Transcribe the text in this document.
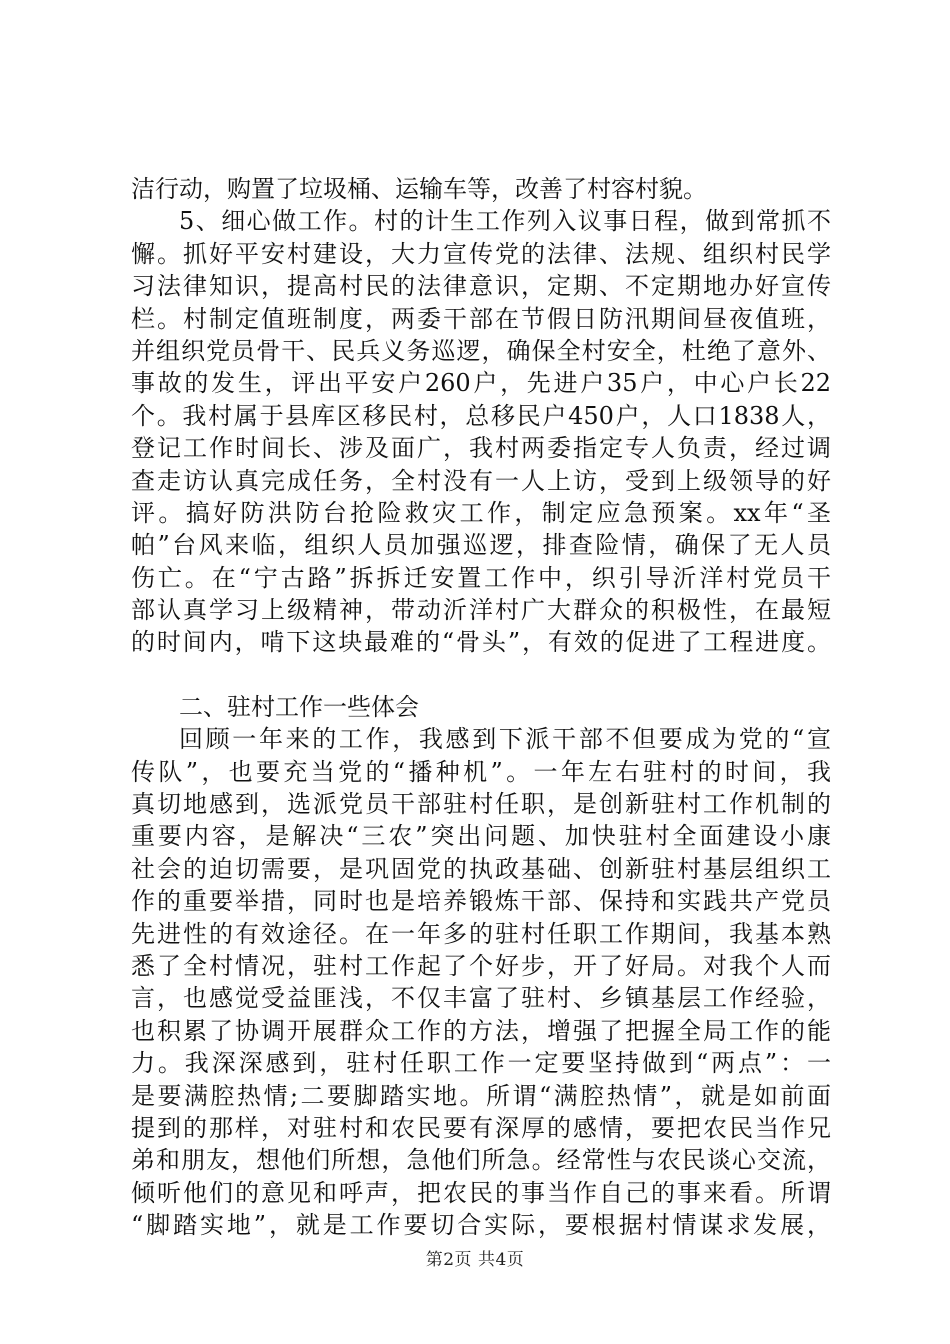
洁行动，购置了垃圾桶、运输车等，改善了村容村貌。
5、细心做工作。村的计生工作列入议事日程，做到常抓不
懈。抓好平安村建设，大力宣传党的法律、法规、组织村民学
习法律知识，提高村民的法律意识，定期、不定期地办好宣传
栏。村制定值班制度，两委干部在节假日防汛期间昼夜值班，
并组织党员骨干、民兵义务巡逻，确保全村安全，杜绝了意外、
事故的发生，评出平安户260户，先进户35户，中心户长22
个。我村属于县库区移民村，总移民户450户，人口1838人，
登记工作时间长、涉及面广，我村两委指定专人负责，经过调
查走访认真完成任务，全村没有一人上访，受到上级领导的好
评。搞好防洪防台抢险救灾工作，制定应急预案。xx年“圣
帕”台风来临，组织人员加强巡逻，排查险情，确保了无人员
伤亡。在“宁古路”拆拆迁安置工作中，织引导沂洋村党员干
部认真学习上级精神，带动沂洋村广大群众的积极性，在最短
的时间内，啃下这块最难的“骨头”，有效的促进了工程进度。
二、驻村工作一些体会
回顾一年来的工作，我感到下派干部不但要成为党的“宣
传队”，也要充当党的“播种机”。一年左右驻村的时间，我
真切地感到，选派党员干部驻村任职，是创新驻村工作机制的
重要内容，是解决“三农”突出问题、加快驻村全面建设小康
社会的迫切需要，是巩固党的执政基础、创新驻村基层组织工
作的重要举措，同时也是培养锻炼干部、保持和实践共产党员
先进性的有效途径。在一年多的驻村任职工作期间，我基本熟
悉了全村情况，驻村工作起了个好步，开了好局。对我个人而
言，也感觉受益匪浅，不仅丰富了驻村、乡镇基层工作经验，
也积累了协调开展群众工作的方法，增强了把握全局工作的能
力。我深深感到，驻村任职工作一定要坚持做到“两点”：一
是要满腔热情;二要脚踏实地。所谓“满腔热情”，就是如前面
提到的那样，对驻村和农民要有深厚的感情，要把农民当作兄
弟和朋友，想他们所想，急他们所急。经常性与农民谈心交流，
倾听他们的意见和呼声，把农民的事当作自己的事来看。所谓
“脚踏实地”，就是工作要切合实际，要根据村情谋求发展，
第2页 共4页
